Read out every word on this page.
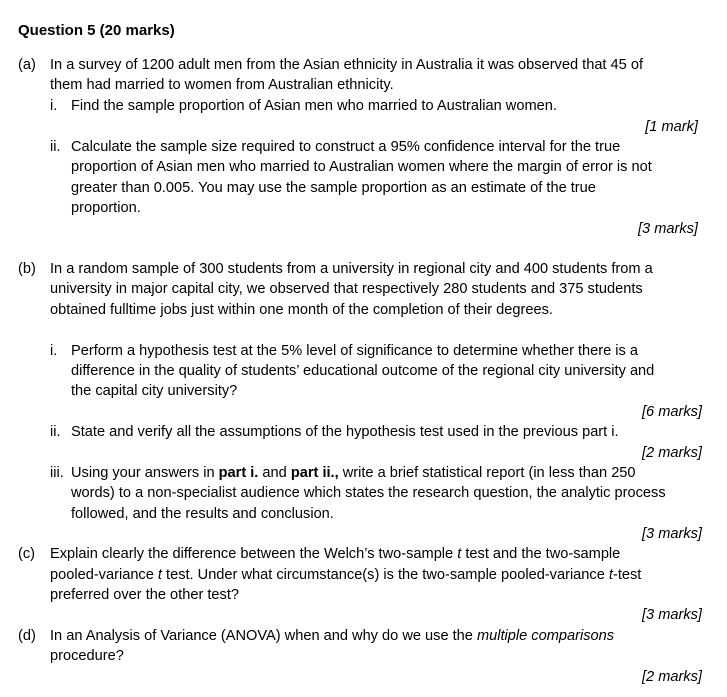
Question 5 (20 marks)
(a) In a survey of 1200 adult men from the Asian ethnicity in Australia it was observed that 45 of
them had married to women from Australian ethnicity.
i. Find the sample proportion of Asian men who married to Australian women.
[1 mark]
ii. Calculate the sample size required to construct a 95% confidence interval for the true
proportion of Asian men who married to Australian women where the margin of error is not
greater than 0.005. You may use the sample proportion as an estimate of the true
proportion.
[3 marks]
(b) In a random sample of 300 students from a university in regional city and 400 students from a
university in major capital city, we observed that respectively 280 students and 375 students
obtained fulltime jobs just within one month of the completion of their degrees.
i. Perform a hypothesis test at the 5% level of significance to determine whether there is a
difference in the quality of students’ educational outcome of the regional city university and
the capital city university?
[6 marks]
ii. State and verify all the assumptions of the hypothesis test used in the previous part i.
[2 marks]
iii. Using your answers in part i. and part ii., write a brief statistical report (in less than 250
words) to a non-specialist audience which states the research question, the analytic process
followed, and the results and conclusion.
[3 marks]
(c) Explain clearly the difference between the Welch’s two-sample t test and the two-sample
pooled-variance t test. Under what circumstance(s) is the two-sample pooled-variance t-test
preferred over the other test?
[3 marks]
(d) In an Analysis of Variance (ANOVA) when and why do we use the multiple comparisons
procedure?
[2 marks]
